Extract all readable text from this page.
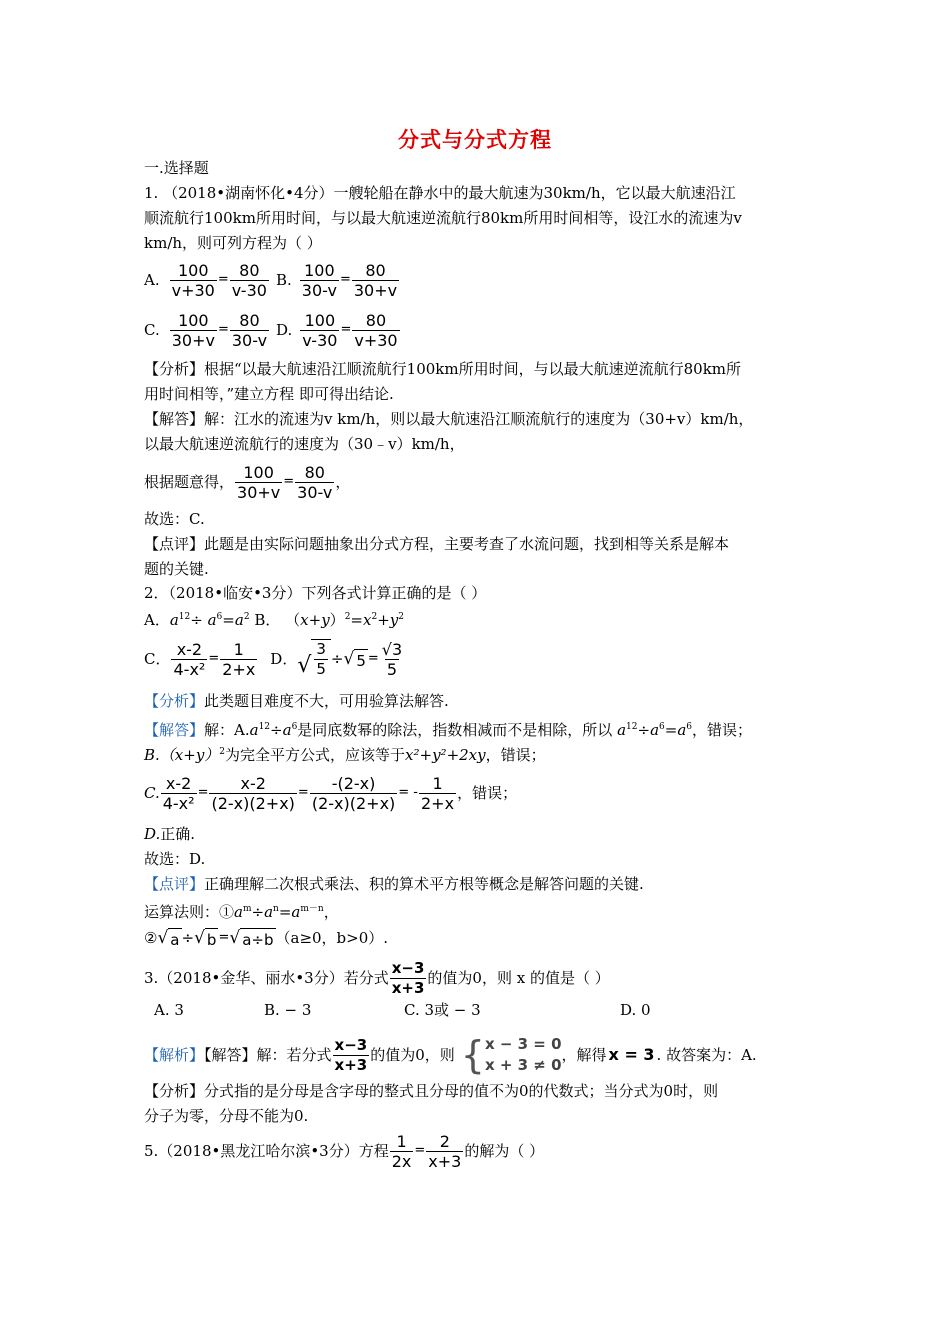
分式与分式方程
一.选择题
1. （2018•湖南怀化•4分）一艘轮船在静水中的最大航速为30km/h，它以最大航速沿江
顺流航行100km所用时间，与以最大航速逆流航行80km所用时间相等，设江水的流速为v
km/h，则可列方程为（ ）
A. $\frac{100}{v+30} = \frac{80}{v-30} B$. $\frac{100}{30-v} = \frac{80}{30+v}$
C. $\frac{100}{30+v} = \frac{80}{30-v} D$. $\frac{100}{v-30} = \frac{80}{v+30}$
【分析】根据“以最大航速沿江顺流航行100km所用时间，与以最大航速逆流航行80km所
用时间相等，”建立方程 即可得出结论.
【解答】解：江水的流速为v km/h，则以最大航速沿江顺流航行的速度为（30+v）km/h，
以最大航速逆流航行的速度为（30﹣v）km/h，
根据题意得， $\frac{100}{30+v} = \frac{80}{30-v}$ ，
故选：C.
【点评】此题是由实际问题抽象出分式方程，主要考查了水流问题，找到相等关系是解本
题的关键.
2．（2018•临安•3分）下列各式计算正确的是（ ）
A．$a^{12}\div a^6=a^2$ B． $(x+y)^2=x^2+y^2$
C． $\frac{x-2}{\text{4-x²}} = \frac{1}{2+x}$ D． √ $\frac{3}{5}$ ÷ √ $5 = \frac{√3}{5}$
【分析】此类题目难度不大，可用验算法解答.
【解答】解：$A.a^{12}\div a^6$是同底数幂的除法，指数相减而不是相除，所以 $a^{12}\div a^6=a^6$，错误；
$B.(x+y)^2$为完全平方公式，应该等于x²+y²+2xy，错误；
C. $\frac{x-2}{\text{4-x²}} = \frac{x-2}{(2-x)(2+x)} = \frac{-(2-x)}{(2-x)(2+x)}$ = - $\frac{1}{2+x}$ ，错误；
D.正确.
故选：D.
【点评】正确理解二次根式乘法、积的算术平方根等概念是解答问题的关键.
运算法则：$①a^m\div a^n=a^{m-n}$，
② √ a ÷ √ b = √ a÷b （a≥0，b>0）.
3.（2018•金华、丽水•3分）若分式 $\frac{x-3}{x+3}$ 的值为0，则 x 的值是（ ）
A. 3	B. − 3	C. 3或 − 3	D. 0
【解析】【解答】解：若分式 $\frac{x-3}{x+3}$ 的值为0，则 { x − 3 = 0
x + 3 ≠ 0
，解得 x = 3 . 故答案为：A.
【分析】分式指的是分母是含字母的整式且分母的值不为0的代数式；当分式为0时，则
分子为零，分母不能为0.
5.（2018•黑龙江哈尔滨•3分）方程 $\frac{1}{2x} = \frac{2}{x+3}$ 的解为（ ）
